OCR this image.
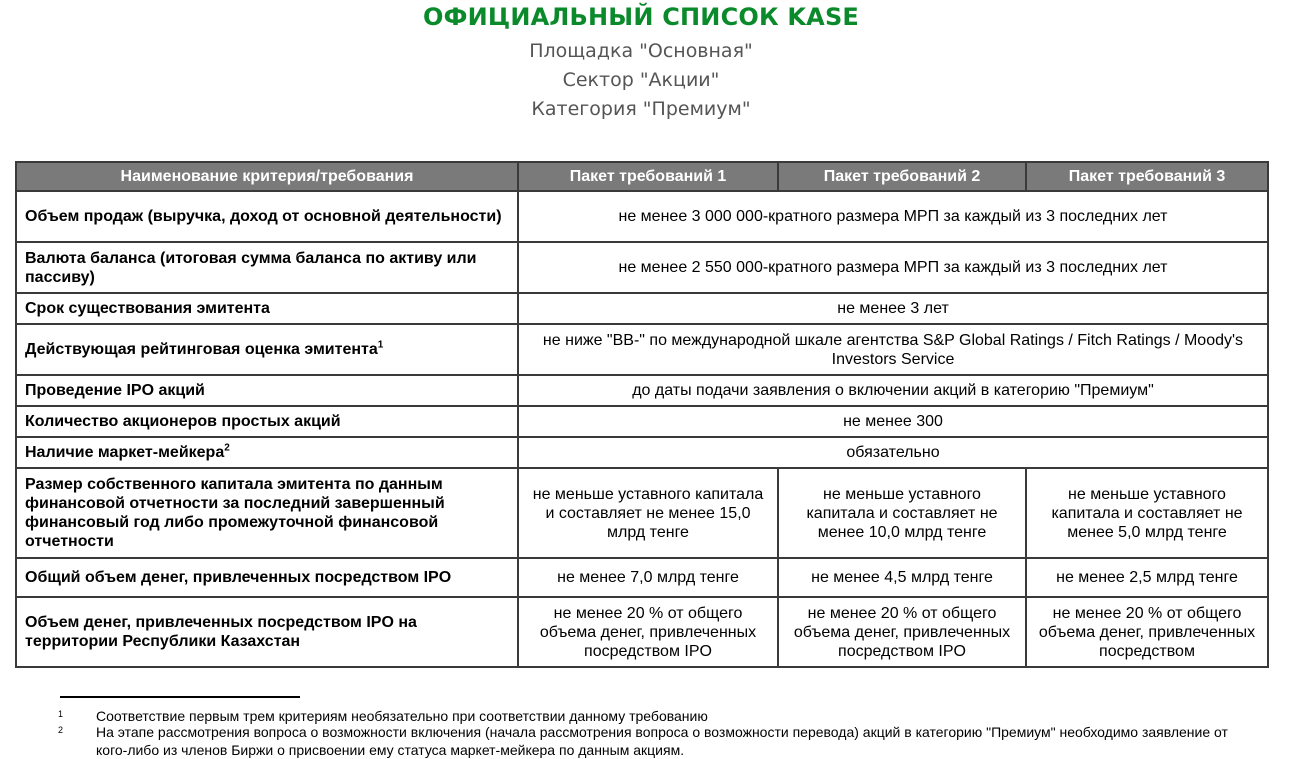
ОФИЦИАЛЬНЫЙ СПИСОК KASE
Площадка "Основная"
Сектор "Акции"
Категория "Премиум"
Наименование критерия/требования	Пакет требований 1	Пакет требований 2	Пакет требований 3
Объем продаж (выручка, доход от основной деятельности)	не менее 3 000 000-кратного размера МРП за каждый из 3 последних лет		
Валюта баланса (итоговая сумма баланса по активу или пассиву)	не менее 2 550 000-кратного размера МРП за каждый из 3 последних лет		
Срок существования эмитента	не менее 3 лет		
Действующая рейтинговая оценка эмитента$^1$	не ниже "BB-" по международной шкале агентства S&P Global Ratings / Fitch Ratings / Moody's Investors Service		
Проведение IPO акций	до даты подачи заявления о включении акций в категорию "Премиум"		
Количество акционеров простых акций	не менее 300		
Наличие маркет-мейкера$^2$	обязательно		
Размер собственного капитала эмитента по данным финансовой отчетности за последний завершенный финансовый год либо промежуточной финансовой отчетности	не меньше уставного капитала и составляет не менее 15,0 млрд тенге	не меньше уставного капитала и составляет не менее 10,0 млрд тенге	не меньше уставного капитала и составляет не менее 5,0 млрд тенге
Общий объем денег, привлеченных посредством IPO	не менее 7,0 млрд тенге	не менее 4,5 млрд тенге	не менее 2,5 млрд тенге
Объем денег, привлеченных посредством IPO на территории Республики Казахстан	не менее 20 % от общего объема денег, привлеченных посредством IPO	не менее 20 % от общего объема денег, привлеченных посредством IPO	не менее 20 % от общего объема денег, привлеченных посредством
1 Соответствие первым трем критериям необязательно при соответствии данному требованию
2 На этапе рассмотрения вопроса о возможности включения (начала рассмотрения вопроса о возможности перевода) акций в категорию "Премиум" необходимо заявление от кого-либо из членов Биржи о присвоении ему статуса маркет-мейкера по данным акциям.
